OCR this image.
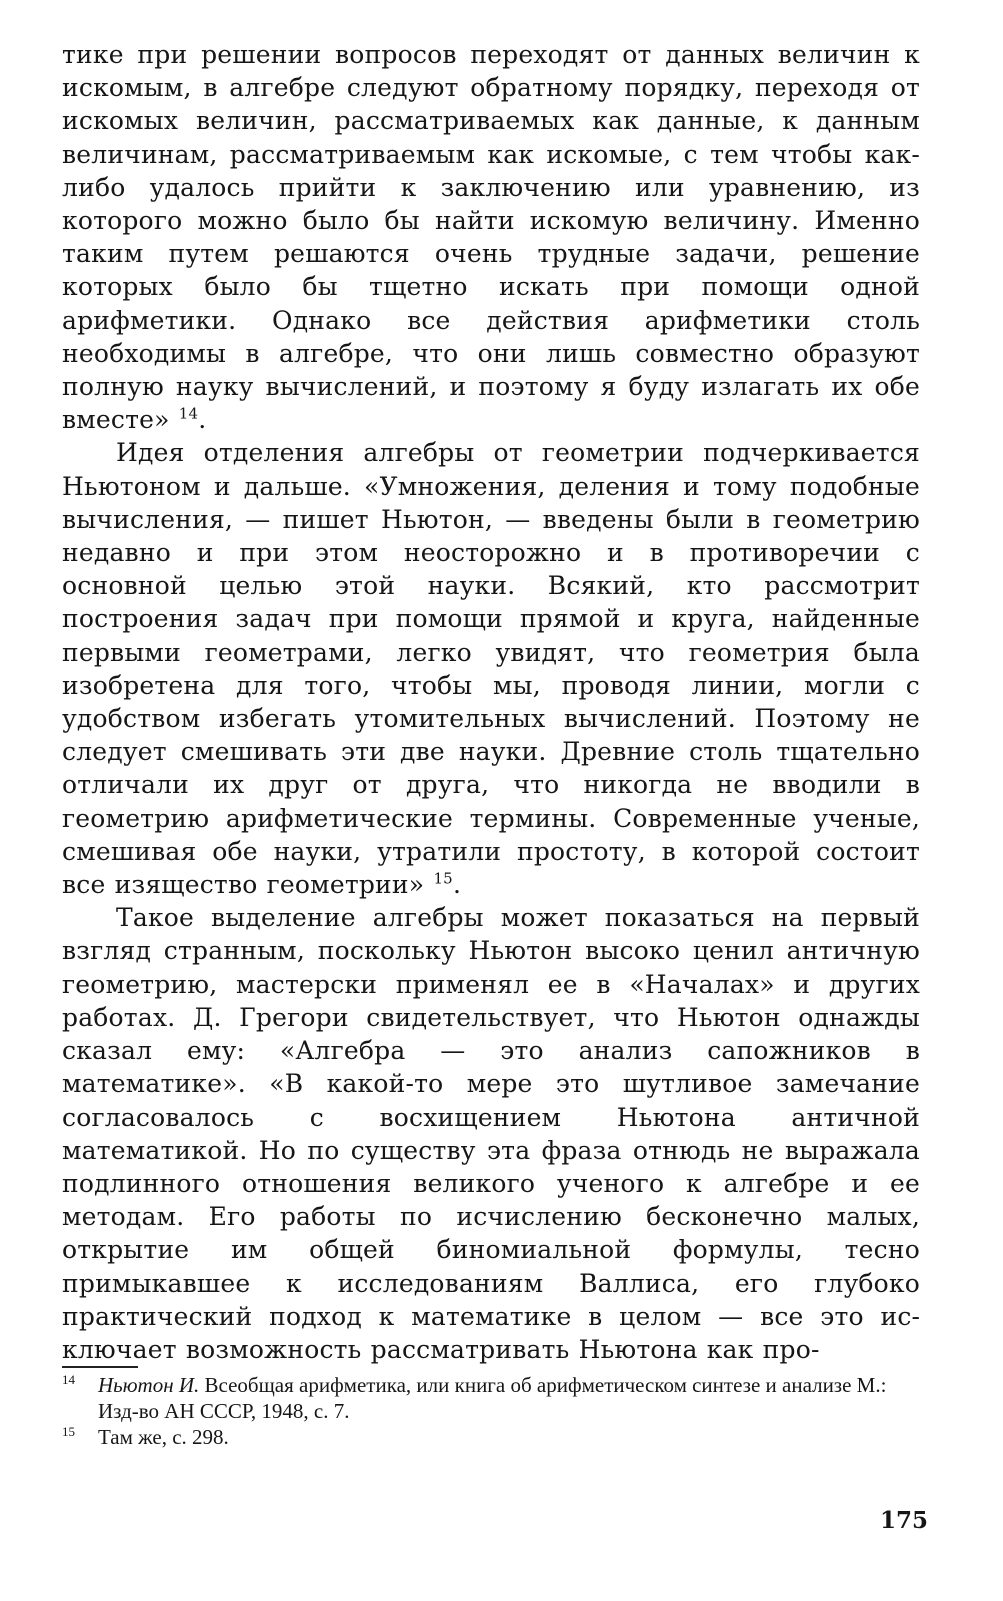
тике при решении вопросов переходят от данных величин к искомым, в алгебре следуют обратному порядку, переходя от искомых величин, рассматриваемых как данные, к данным величинам, рассматриваемым как искомые, с тем чтобы как-либо удалось прийти к заключению или уравнению, из которого можно было бы найти искомую величину. Именно таким путем решаются очень трудные задачи, решение которых было бы тщетно искать при помощи одной арифметики. Однако все действия арифметики столь необходимы в алгебре, что они лишь совместно образуют полную науку вычислений, и поэтому я буду излагать их обе вместе» $^{14}$.

Идея отделения алгебры от геометрии подчеркивается Ньютоном и дальше. «Умножения, деления и тому подобные вычисления, — пишет Ньютон, — введены были в геометрию недавно и при этом неосторожно и в противоречии с основной целью этой науки. Всякий, кто рассмотрит построения задач при помощи прямой и круга, найденные первыми геометрами, легко увидят, что геометрия была изобретена для того, чтобы мы, проводя линии, могли с удобством избегать утомительных вычислений. Поэтому не следует смешивать эти две науки. Древние столь тщательно отличали их друг от друга, что никогда не вводили в геометрию арифметические термины. Современные ученые, смешивая обе науки, утратили простоту, в которой состоит все изящество геометрии» $^{15}$.

Такое выделение алгебры может показаться на первый взгляд странным, поскольку Ньютон высоко ценил античную геометрию, мастерски применял ее в «Началах» и других работах. Д. Грегори свидетельствует, что Ньютон однажды сказал ему: «Алгебра — это анализ сапожников в математике». «В какой-то мере это шутливое замечание согласовалось с восхищением Ньютона античной математикой. Но по существу эта фраза отнюдь не выражала подлинного отношения великого ученого к алгебре и ее методам. Его работы по исчислению бесконечно малых, открытие им общей биномиальной формулы, тесно примыкавшее к исследованиям Валлиса, его глубоко практический подход к математике в целом — все это исключает возможность рассматривать Ньютона как про-

14 Ньютон И. Всеобщая арифметика, или книга об арифметическом синтезе и анализе М.: Изд-во АН СССР, 1948, с. 7.

15 Там же, с. 298.

175
